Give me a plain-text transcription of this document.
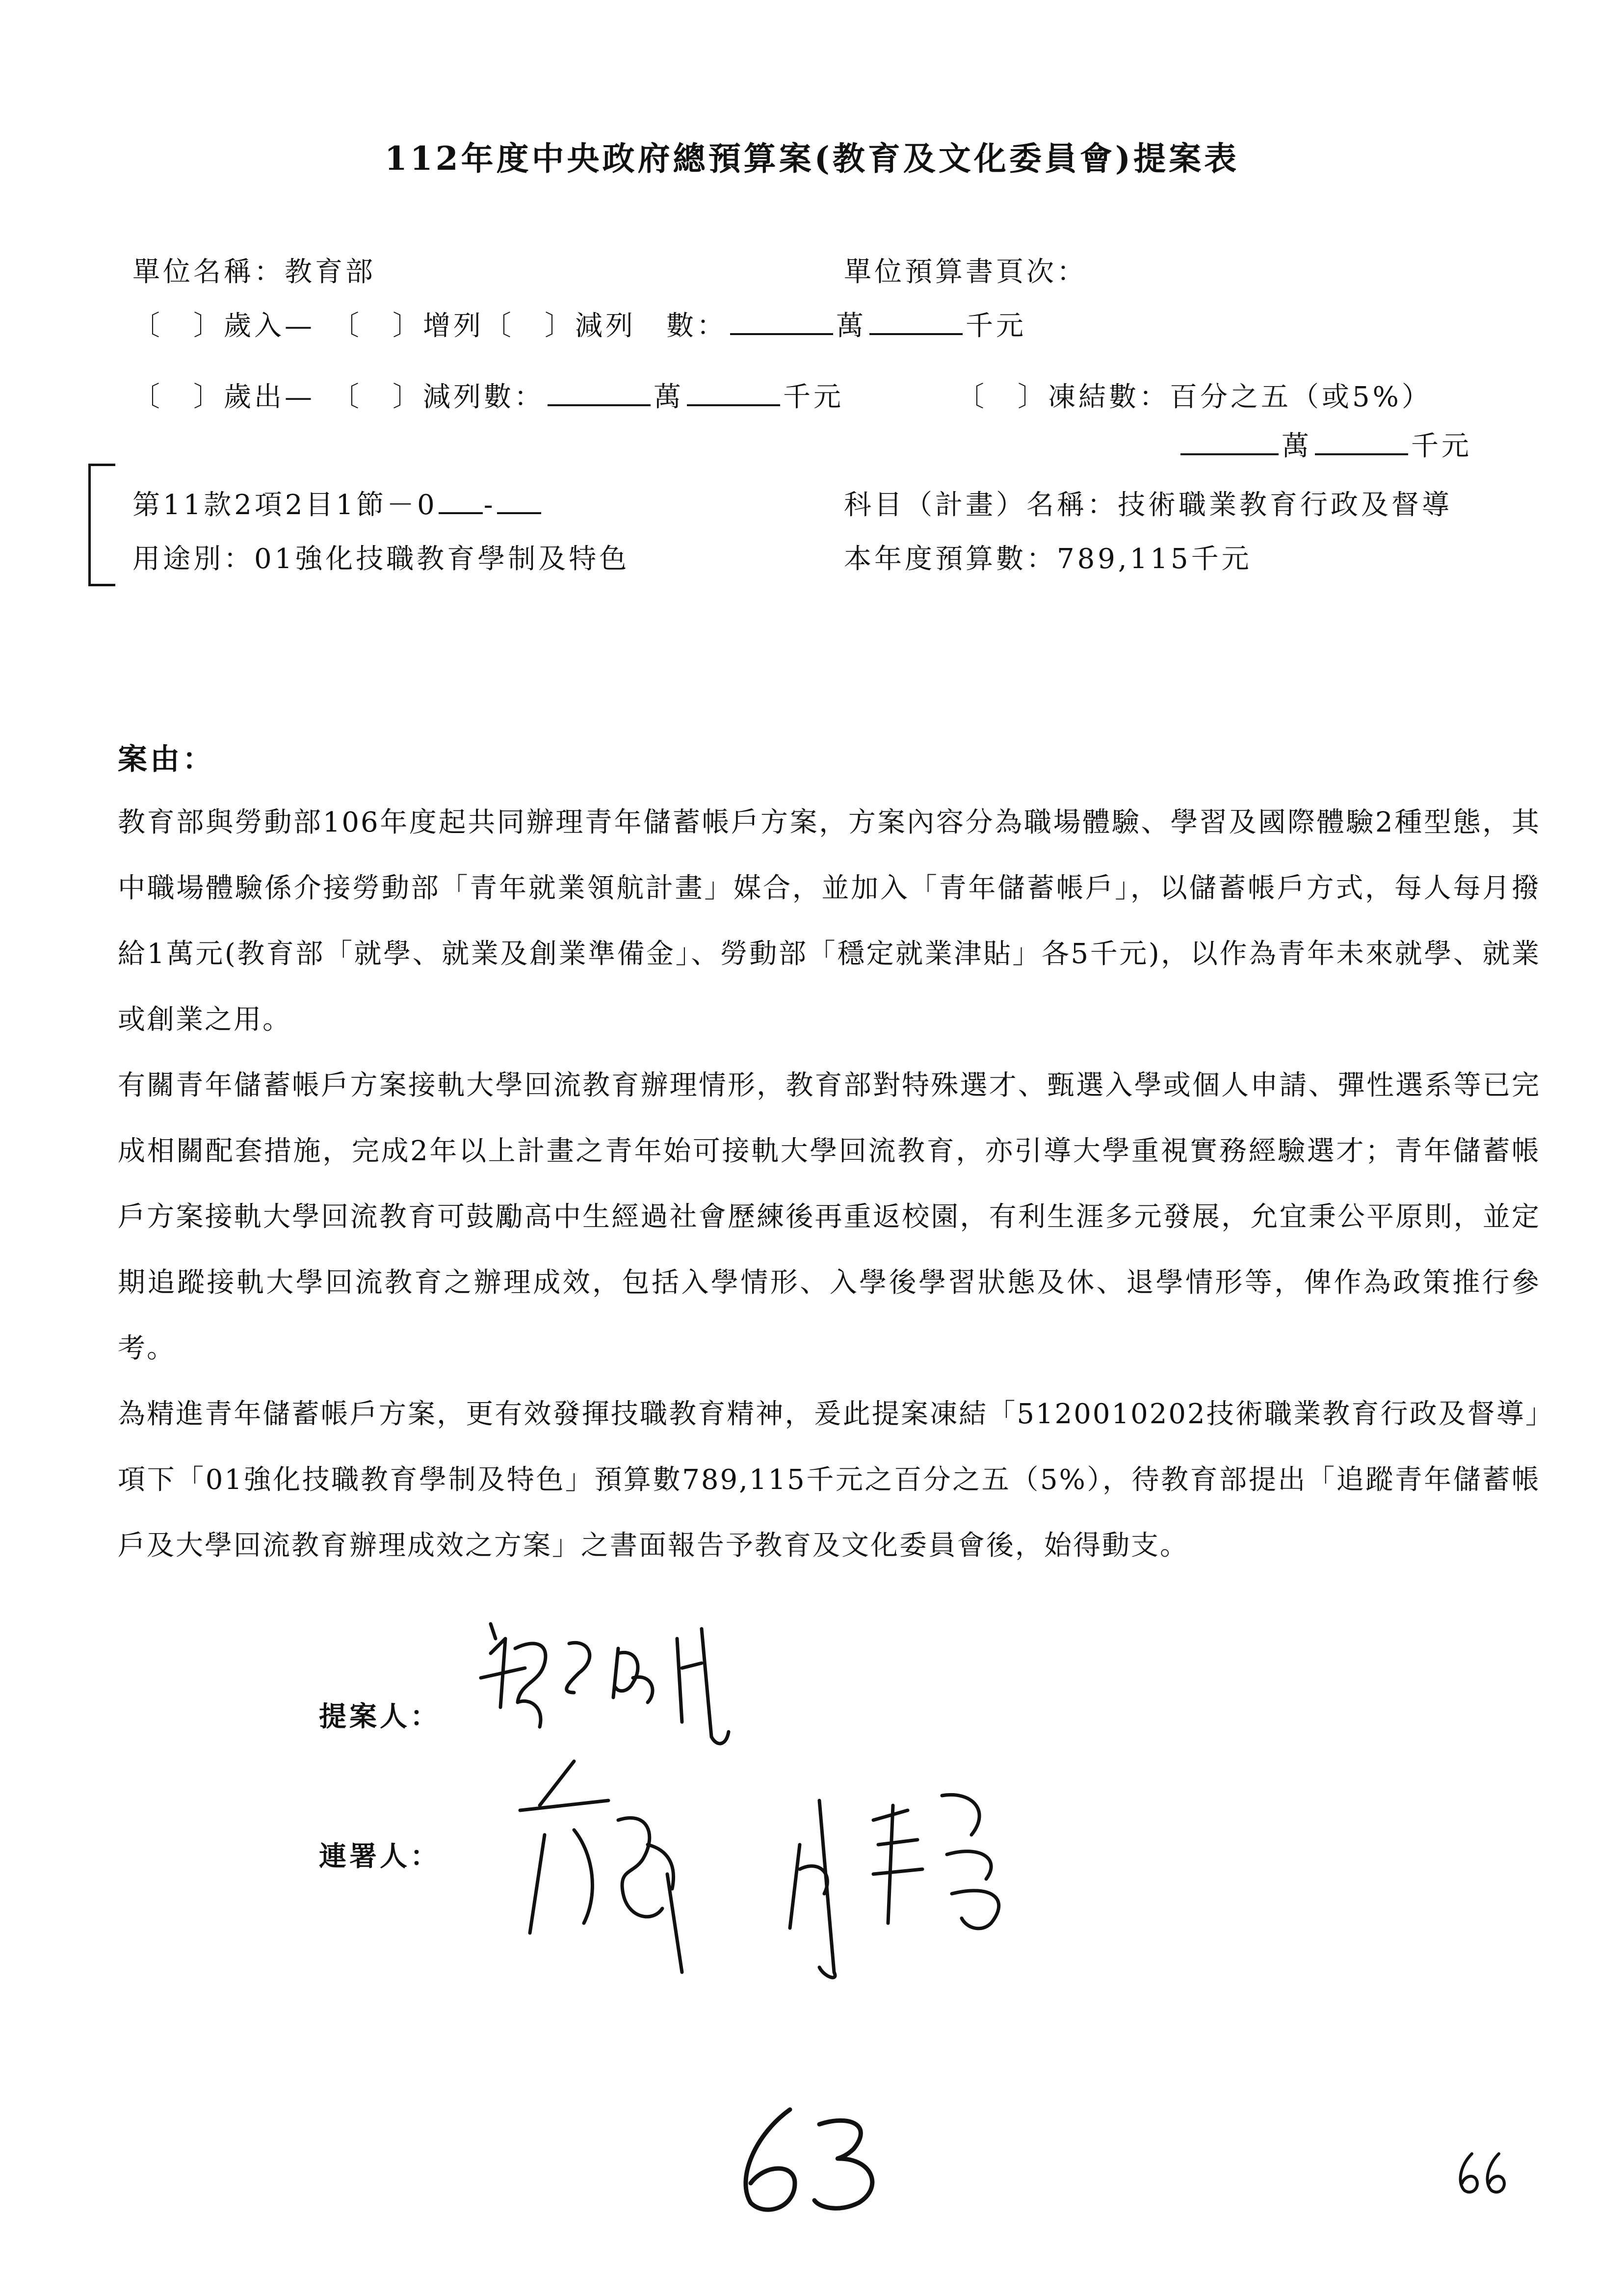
112年度中央政府總預算案(教育及文化委員會)提案表
單位名稱：教育部	單位預算書頁次：
〔　〕歲入—　〔　〕增列〔　〕減列　數：	萬	千元
〔　〕歲出—　〔　〕減列數：	萬	千元	〔　〕凍結數：百分之五（或5%）
萬	千元
第11款2項2目1節－0 -	科目（計畫）名稱：技術職業教育行政及督導
用途別：01強化技職教育學制及特色	本年度預算數：789,115千元
案由：

教育部與勞動部106年度起共同辦理青年儲蓄帳戶方案，方案內容分為職場體驗、學習及國際體驗2種型態，其中職場體驗係介接勞動部「青年就業領航計畫」媒合，並加入「青年儲蓄帳戶」，以儲蓄帳戶方式，每人每月撥給1萬元(教育部「就學、就業及創業準備金」、勞動部「穩定就業津貼」各5千元)，以作為青年未來就學、就業或創業之用。

有關青年儲蓄帳戶方案接軌大學回流教育辦理情形，教育部對特殊選才、甄選入學或個人申請、彈性選系等已完成相關配套措施，完成2年以上計畫之青年始可接軌大學回流教育，亦引導大學重視實務經驗選才；青年儲蓄帳戶方案接軌大學回流教育可鼓勵高中生經過社會歷練後再重返校園，有利生涯多元發展，允宜秉公平原則，並定期追蹤接軌大學回流教育之辦理成效，包括入學情形、入學後學習狀態及休、退學情形等，俾作為政策推行參考。

為精進青年儲蓄帳戶方案，更有效發揮技職教育精神，爰此提案凍結「5120010202技術職業教育行政及督導」項下「01強化技職教育學制及特色」預算數789,115千元之百分之五（5%），待教育部提出「追蹤青年儲蓄帳戶及大學回流教育辦理成效之方案」之書面報告予教育及文化委員會後，始得動支。

提案人：
連署人：
